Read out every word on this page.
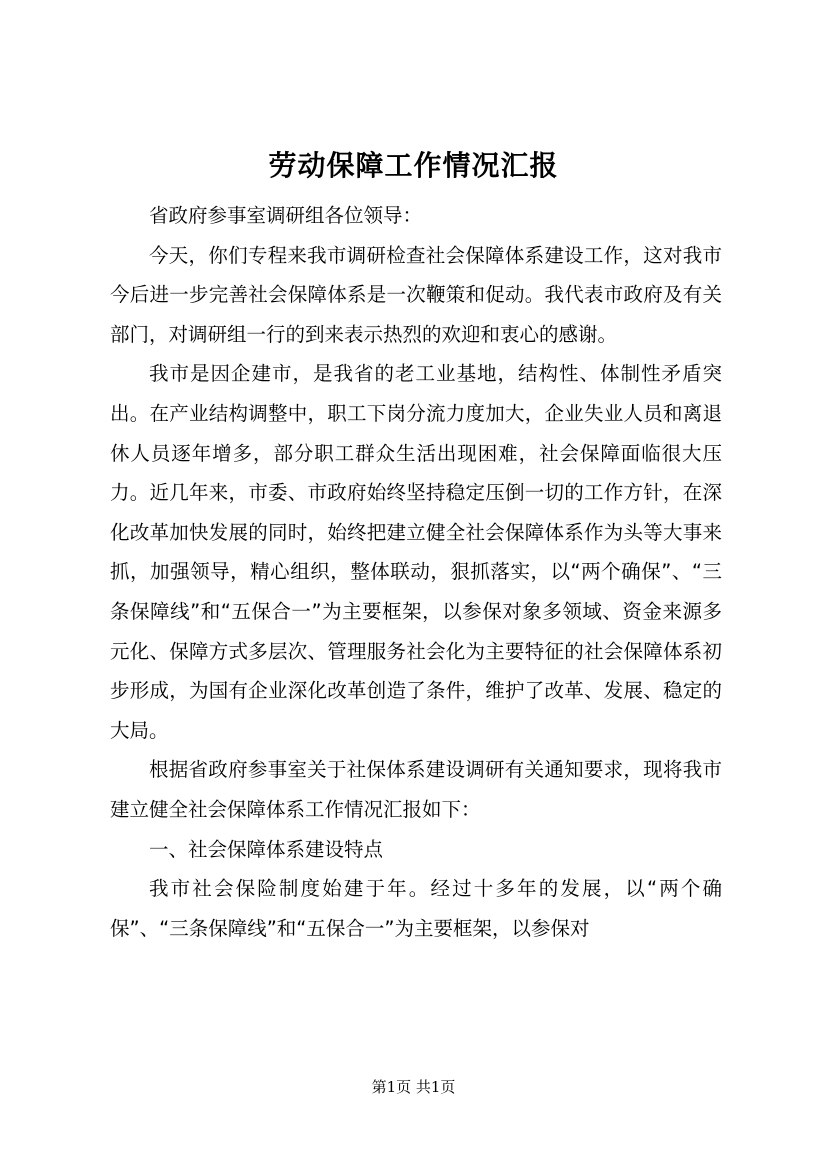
劳动保障工作情况汇报

省政府参事室调研组各位领导：

今天，你们专程来我市调研检查社会保障体系建设工作，这对我市今后进一步完善社会保障体系是一次鞭策和促动。我代表市政府及有关部门，对调研组一行的到来表示热烈的欢迎和衷心的感谢。

我市是因企建市，是我省的老工业基地，结构性、体制性矛盾突出。在产业结构调整中，职工下岗分流力度加大，企业失业人员和离退休人员逐年增多，部分职工群众生活出现困难，社会保障面临很大压力。近几年来，市委、市政府始终坚持稳定压倒一切的工作方针，在深化改革加快发展的同时，始终把建立健全社会保障体系作为头等大事来抓，加强领导，精心组织，整体联动，狠抓落实，以“两个确保”、“三条保障线”和“五保合一”为主要框架，以参保对象多领域、资金来源多元化、保障方式多层次、管理服务社会化为主要特征的社会保障体系初步形成，为国有企业深化改革创造了条件，维护了改革、发展、稳定的大局。

根据省政府参事室关于社保体系建设调研有关通知要求，现将我市建立健全社会保障体系工作情况汇报如下：

一、社会保障体系建设特点

我市社会保险制度始建于年。经过十多年的发展，以“两个确保”、“三条保障线”和“五保合一”为主要框架，以参保对

第1页 共1页
